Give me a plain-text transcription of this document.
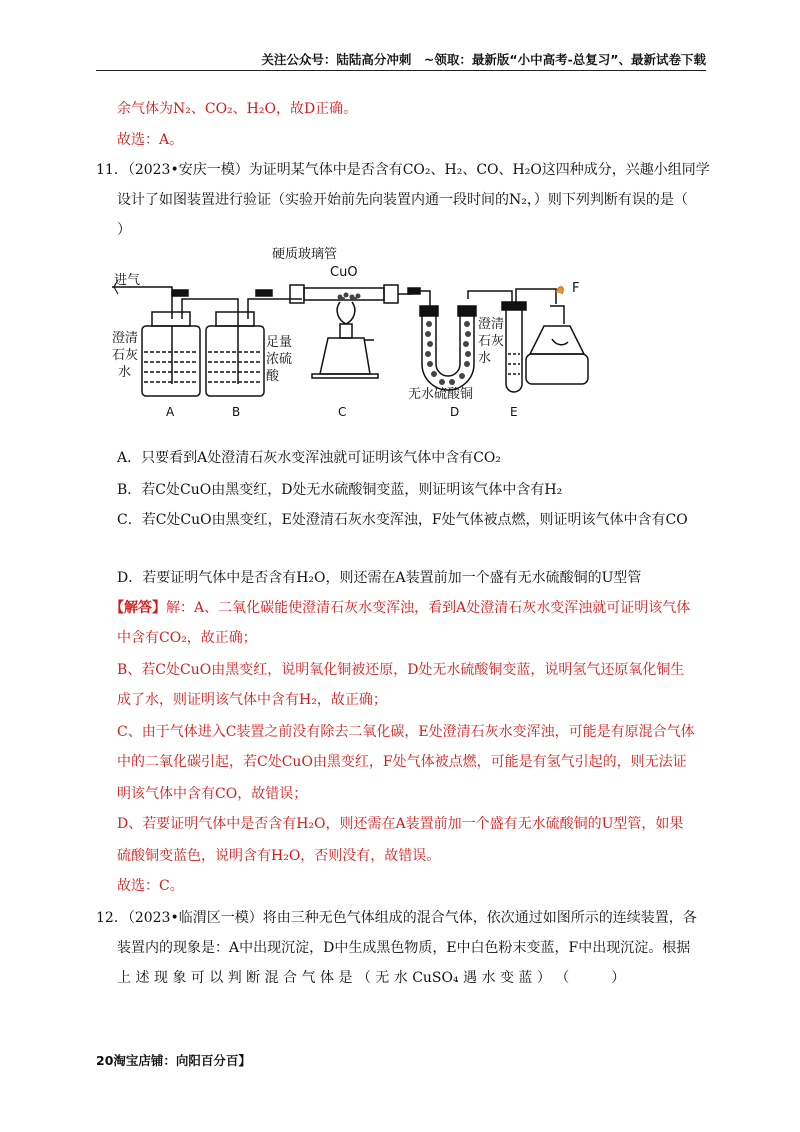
关注公众号：陆陆高分冲刺　~领取：最新版“小中高考-总复习”、最新试卷下载
余气体为N₂、CO₂、H₂O，故D正确。
故选：A。
11．（2023•安庆一模）为证明某气体中是否含有CO₂、H₂、CO、H₂O这四种成分，兴趣小组同学
设计了如图装置进行验证（实验开始前先向装置内通一段时间的N₂，）则下列判断有误的是（
）
进气
硬质玻璃管
CuO
F
澄清
石灰
水
足量
浓硫
酸
无水硫酸铜
澄清
石灰
水
A	B	C	D	E
A．只要看到A处澄清石灰水变浑浊就可证明该气体中含有CO₂
B．若C处CuO由黑变红，D处无水硫酸铜变蓝，则证明该气体中含有H₂
C．若C处CuO由黑变红，E处澄清石灰水变浑浊，F处气体被点燃，则证明该气体中含有CO
D．若要证明气体中是否含有H₂O，则还需在A装置前加一个盛有无水硫酸铜的U型管
【解答】解：A、二氧化碳能使澄清石灰水变浑浊，看到A处澄清石灰水变浑浊就可证明该气体
中含有CO₂，故正确；
B、若C处CuO由黑变红，说明氧化铜被还原，D处无水硫酸铜变蓝，说明氢气还原氧化铜生
成了水，则证明该气体中含有H₂，故正确；
C、由于气体进入C装置之前没有除去二氧化碳，E处澄清石灰水变浑浊，可能是有原混合气体
中的二氧化碳引起，若C处CuO由黑变红，F处气体被点燃，可能是有氢气引起的，则无法证
明该气体中含有CO，故错误；
D、若要证明气体中是否含有H₂O，则还需在A装置前加一个盛有无水硫酸铜的U型管，如果
硫酸铜变蓝色，说明含有H₂O，否则没有，故错误。
故选：C。
12．（2023•临渭区一模）将由三种无色气体组成的混合气体，依次通过如图所示的连续装置，各
装置内的现象是：A中出现沉淀，D中生成黑色物质，E中白色粉末变蓝，F中出现沉淀。根据
上 述 现 象 可 以 判 断 混 合 气 体 是 （ 无 水 CuSO₄ 遇 水 变 蓝 ） （　　　）
20淘宝店铺：向阳百分百】
